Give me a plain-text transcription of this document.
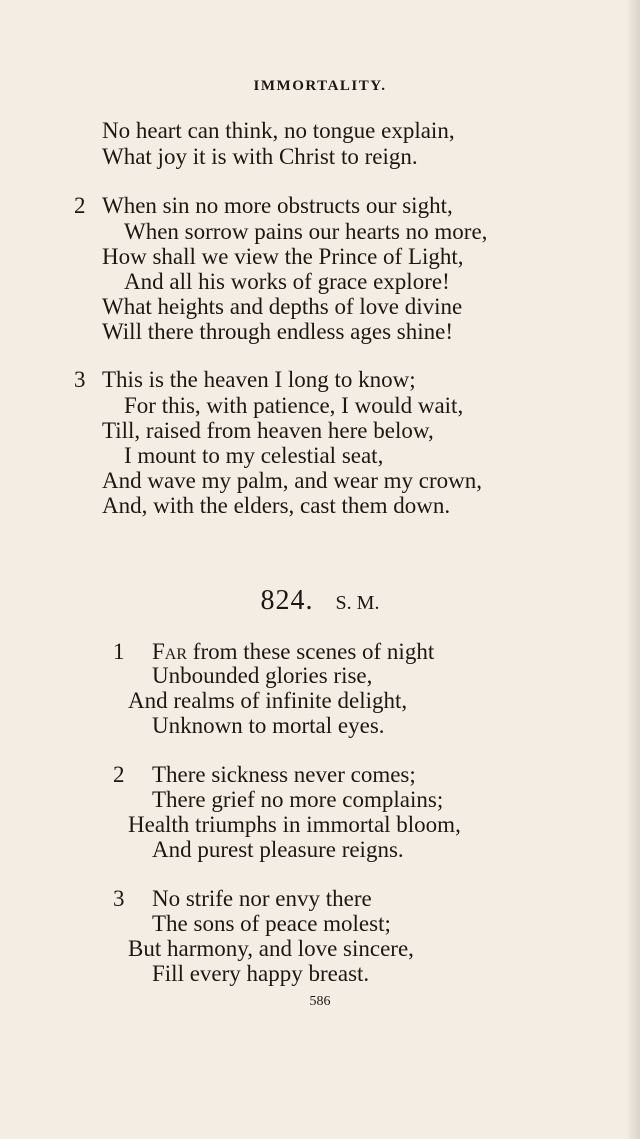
IMMORTALITY.
No heart can think, no tongue explain,
What joy it is with Christ to reign.
2 When sin no more obstructs our sight,
When sorrow pains our hearts no more,
How shall we view the Prince of Light,
And all his works of grace explore!
What heights and depths of love divine
Will there through endless ages shine!
3 This is the heaven I long to know;
For this, with patience, I would wait,
Till, raised from heaven here below,
I mount to my celestial seat,
And wave my palm, and wear my crown,
And, with the elders, cast them down.
824. S. M.
1 Far from these scenes of night
Unbounded glories rise,
And realms of infinite delight,
Unknown to mortal eyes.
2 There sickness never comes;
There grief no more complains;
Health triumphs in immortal bloom,
And purest pleasure reigns.
3 No strife nor envy there
The sons of peace molest;
But harmony, and love sincere,
Fill every happy breast.
586
